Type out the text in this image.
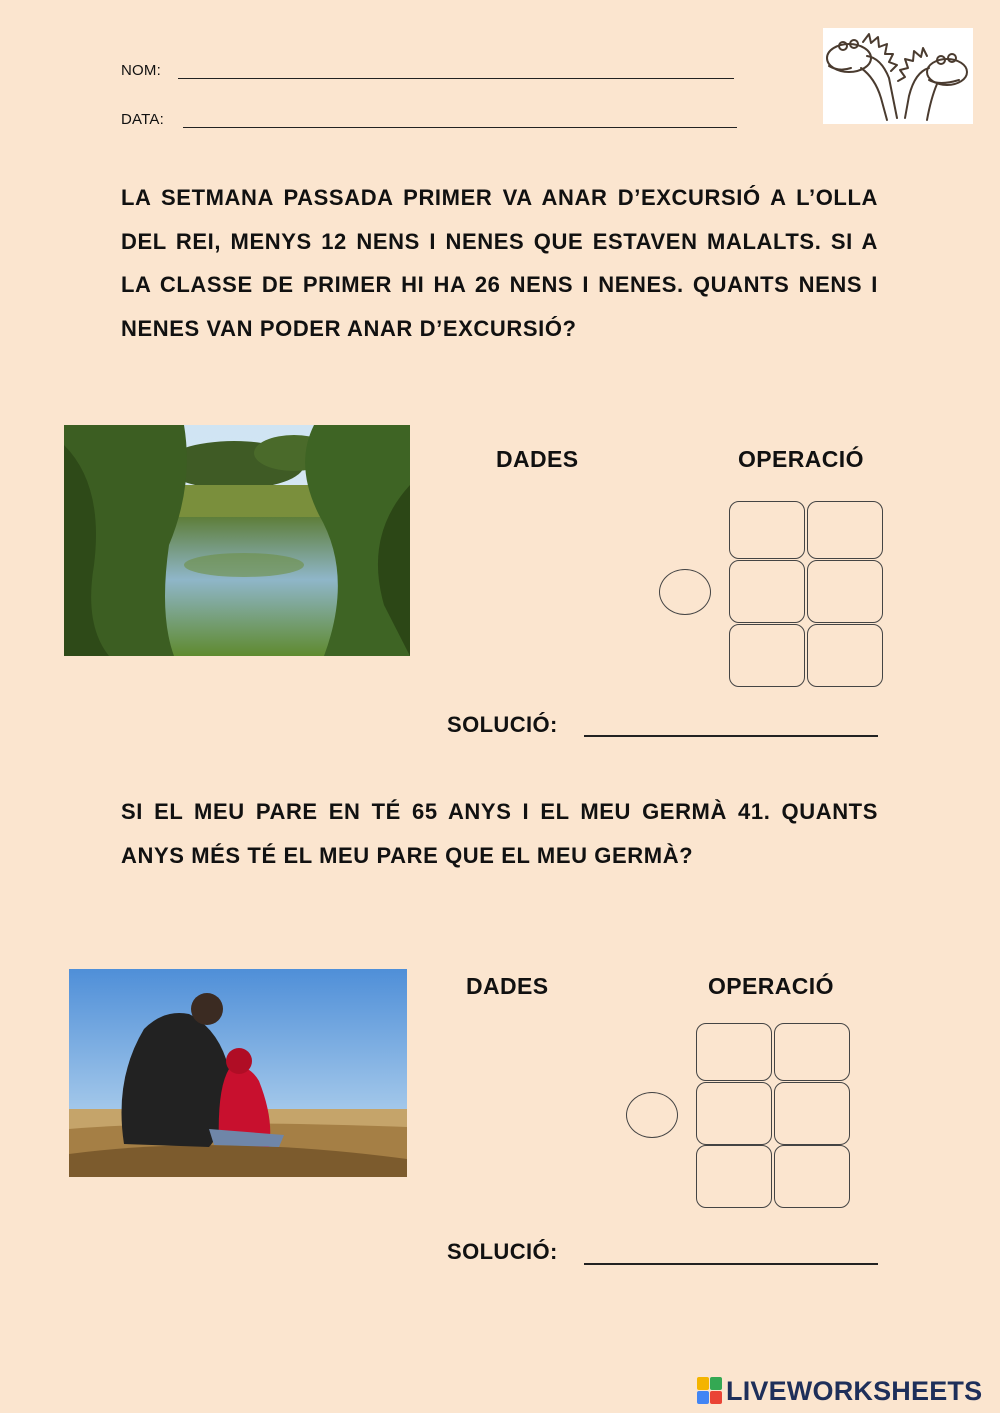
NOM:
DATA:
LA SETMANA PASSADA PRIMER VA ANAR D’EXCURSIÓ A L’OLLA DEL REI, MENYS 12 NENS I NENES QUE ESTAVEN MALALTS. SI A LA CLASSE DE PRIMER HI HA 26 NENS I NENES. QUANTS NENS I NENES VAN PODER ANAR D’EXCURSIÓ?
DADES	OPERACIÓ
SOLUCIÓ:
SI EL MEU PARE EN TÉ 65 ANYS I EL MEU GERMÀ 41. QUANTS ANYS MÉS TÉ EL MEU PARE QUE EL MEU GERMÀ?
DADES	OPERACIÓ
SOLUCIÓ:
LIVEWORKSHEETS
